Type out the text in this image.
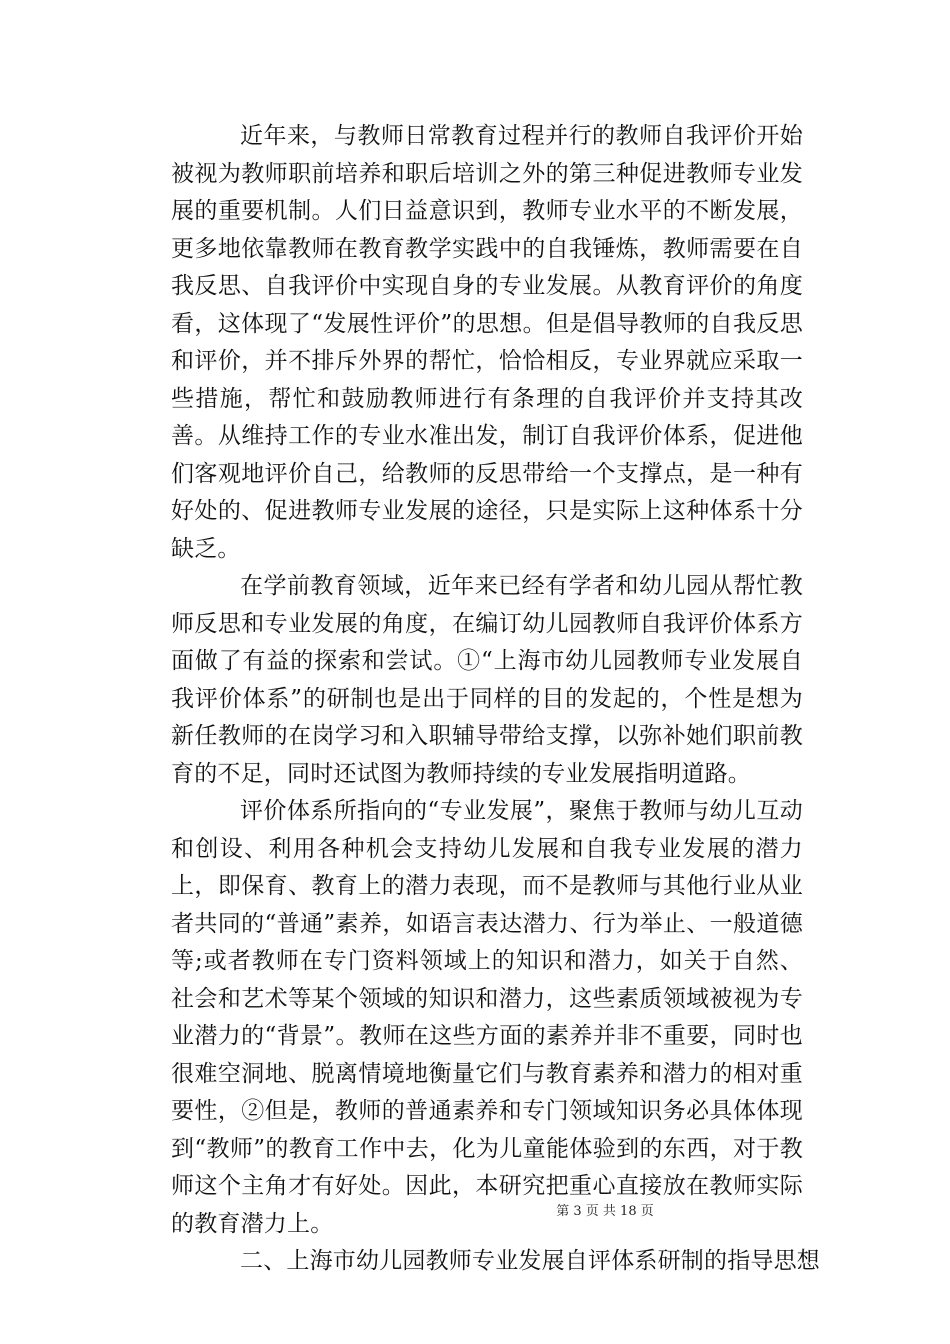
近年来，与教师日常教育过程并行的教师自我评价开始被视为教师职前培养和职后培训之外的第三种促进教师专业发展的重要机制。人们日益意识到，教师专业水平的不断发展，更多地依靠教师在教育教学实践中的自我锤炼，教师需要在自我反思、自我评价中实现自身的专业发展。从教育评价的角度看，这体现了“发展性评价”的思想。但是倡导教师的自我反思和评价，并不排斥外界的帮忙，恰恰相反，专业界就应采取一些措施，帮忙和鼓励教师进行有条理的自我评价并支持其改善。从维持工作的专业水准出发，制订自我评价体系，促进他们客观地评价自己，给教师的反思带给一个支撑点，是一种有好处的、促进教师专业发展的途径，只是实际上这种体系十分缺乏。

在学前教育领域，近年来已经有学者和幼儿园从帮忙教师反思和专业发展的角度，在编订幼儿园教师自我评价体系方面做了有益的探索和尝试。①“上海市幼儿园教师专业发展自我评价体系”的研制也是出于同样的目的发起的，个性是想为新任教师的在岗学习和入职辅导带给支撑，以弥补她们职前教育的不足，同时还试图为教师持续的专业发展指明道路。

评价体系所指向的“专业发展”，聚焦于教师与幼儿互动和创设、利用各种机会支持幼儿发展和自我专业发展的潜力上，即保育、教育上的潜力表现，而不是教师与其他行业从业者共同的“普通”素养，如语言表达潜力、行为举止、一般道德等;或者教师在专门资料领域上的知识和潜力，如关于自然、社会和艺术等某个领域的知识和潜力，这些素质领域被视为专业潜力的“背景”。教师在这些方面的素养并非不重要，同时也很难空洞地、脱离情境地衡量它们与教育素养和潜力的相对重要性，②但是，教师的普通素养和专门领域知识务必具体体现到“教师”的教育工作中去，化为儿童能体验到的东西，对于教师这个主角才有好处。因此，本研究把重心直接放在教师实际的教育潜力上。

二、上海市幼儿园教师专业发展自评体系研制的指导思想

第 3 页 共 18 页
